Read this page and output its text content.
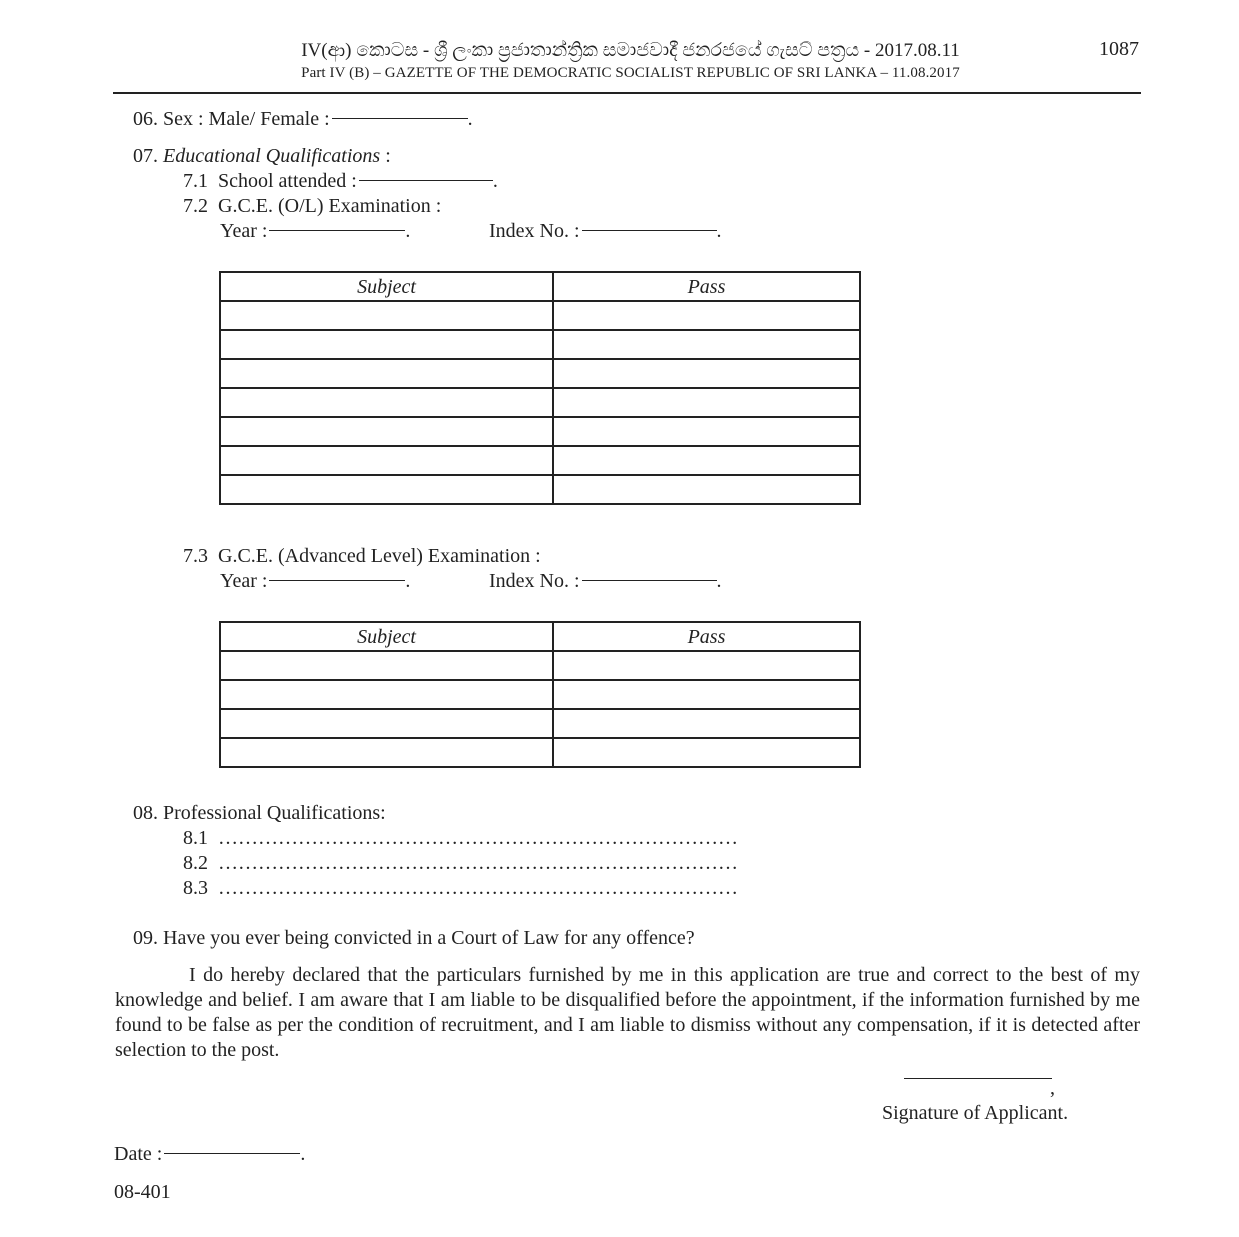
IV(ආ) කොටස - ශ්‍රී ලංකා ප්‍රජාතාන්ත්‍රික සමාජවාදී ජනරජයේ ගැසට් පත්‍රය - 2017.08.11
Part IV (B) – GAZETTE OF THE DEMOCRATIC SOCIALIST REPUBLIC OF SRI LANKA – 11.08.2017
1087
06. Sex : Male/ Female :	.
07. Educational Qualifications :
7.1 School attended :	.
7.2 G.C.E. (O/L) Examination :
Year :	.	Index No. :	.
Subject	Pass

7.3 G.C.E. (Advanced Level) Examination :
Year :	.	Index No. :	.
Subject	Pass

08. Professional Qualifications:
8.1 ……………………………………………………………………
8.2 ……………………………………………………………………
8.3 ……………………………………………………………………
09. Have you ever being convicted in a Court of Law for any offence?
I do hereby declared that the particulars furnished by me in this application are true and correct to the best of my knowledge and belief. I am aware that I am liable to be disqualified before the appointment, if the information furnished by me found to be false as per the condition of recruitment, and I am liable to dismiss without any compensation, if it is detected after selection to the post.
,
Signature of Applicant.
Date :	.
08-401
